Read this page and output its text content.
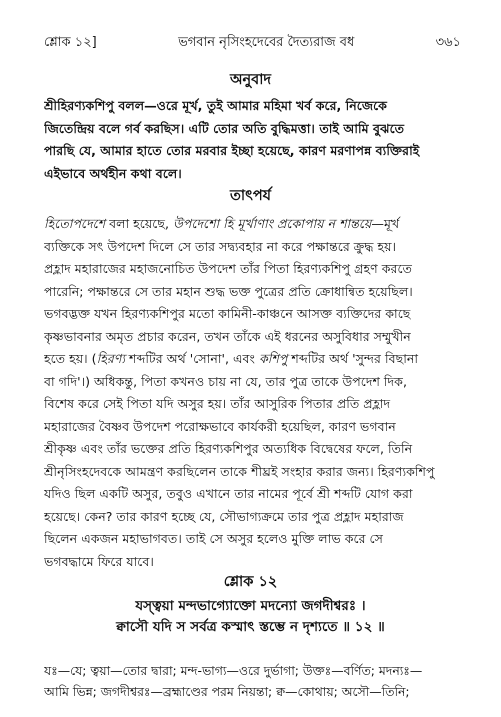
শ্লোক ১২]	ভগবান নৃসিংহদেবের দৈত্যরাজ বধ	৩৬১
অনুবাদ

শ্রীহিরণ্যকশিপু বলল—ওরে মূর্খ, তুই আমার মহিমা খর্ব করে, নিজেকে
জিতেন্দ্রিয় বলে গর্ব করছিস। এটি তোর অতি বুদ্ধিমত্তা। তাই আমি বুঝতে
পারছি যে, আমার হাতে তোর মরবার ইচ্ছা হয়েছে, কারণ মরণাপন্ন ব্যক্তিরাই
এইভাবে অর্থহীন কথা বলে।

তাৎপর্য

হিতোপদেশে বলা হয়েছে, উপদেশো হি মূর্খাণাং প্রকোপায় ন শান্তয়ে—মূর্খ
ব্যক্তিকে সৎ উপদেশ দিলে সে তার সদ্ব্যবহার না করে পক্ষান্তরে ক্রুদ্ধ হয়।
প্রহ্লাদ মহারাজের মহাজনোচিত উপদেশ তাঁর পিতা হিরণ্যকশিপু গ্রহণ করতে
পারেনি; পক্ষান্তরে সে তার মহান শুদ্ধ ভক্ত পুত্রের প্রতি ক্রোধান্বিত হয়েছিল।
ভগবদ্ভক্ত যখন হিরণ্যকশিপুর মতো কামিনী-কাঞ্চনে আসক্ত ব্যক্তিদের কাছে
কৃষ্ণভাবনার অমৃত প্রচার করেন, তখন তাঁকে এই ধরনের অসুবিধার সম্মুখীন
হতে হয়। (হিরণ্য শব্দটির অর্থ 'সোনা', এবং কশিপু শব্দটির অর্থ 'সুন্দর বিছানা
বা গদি'।) অধিকন্তু, পিতা কখনও চায় না যে, তার পুত্র তাকে উপদেশ দিক,
বিশেষ করে সেই পিতা যদি অসুর হয়। তাঁর আসুরিক পিতার প্রতি প্রহ্লাদ
মহারাজের বৈষ্ণব উপদেশ পরোক্ষভাবে কার্যকরী হয়েছিল, কারণ ভগবান
শ্রীকৃষ্ণ এবং তাঁর ভক্তের প্রতি হিরণ্যকশিপুর অত্যধিক বিদ্বেষের ফলে, তিনি
শ্রীনৃসিংহদেবকে আমন্ত্রণ করছিলেন তাকে শীঘ্রই সংহার করার জন্য। হিরণ্যকশিপু
যদিও ছিল একটি অসুর, তবুও এখানে তার নামের পূর্বে শ্রী শব্দটি যোগ করা
হয়েছে। কেন? তার কারণ হচ্ছে যে, সৌভাগ্যক্রমে তার পুত্র প্রহ্লাদ মহারাজ
ছিলেন একজন মহাভাগবত। তাই সে অসুর হলেও মুক্তি লাভ করে সে
ভগবদ্ধামে ফিরে যাবে।

শ্লোক ১২
যস্ত্বয়া মন্দভাগ্যোক্তো মদন্যো জগদীশ্বরঃ ।
ক্বাসৌ যদি স সর্বত্র কস্মাৎ স্তম্ভে ন দৃশ্যতে ॥ ১২ ॥
যঃ—যে; ত্বয়া—তোর দ্বারা; মন্দ-ভাগ্য—ওরে দুর্ভাগা; উক্তঃ—বর্ণিত; মদন্যঃ—
আমি ভিন্ন; জগদীশ্বরঃ—ব্রহ্মাণ্ডের পরম নিয়ন্তা; ক্ব—কোথায়; অসৌ—তিনি;
